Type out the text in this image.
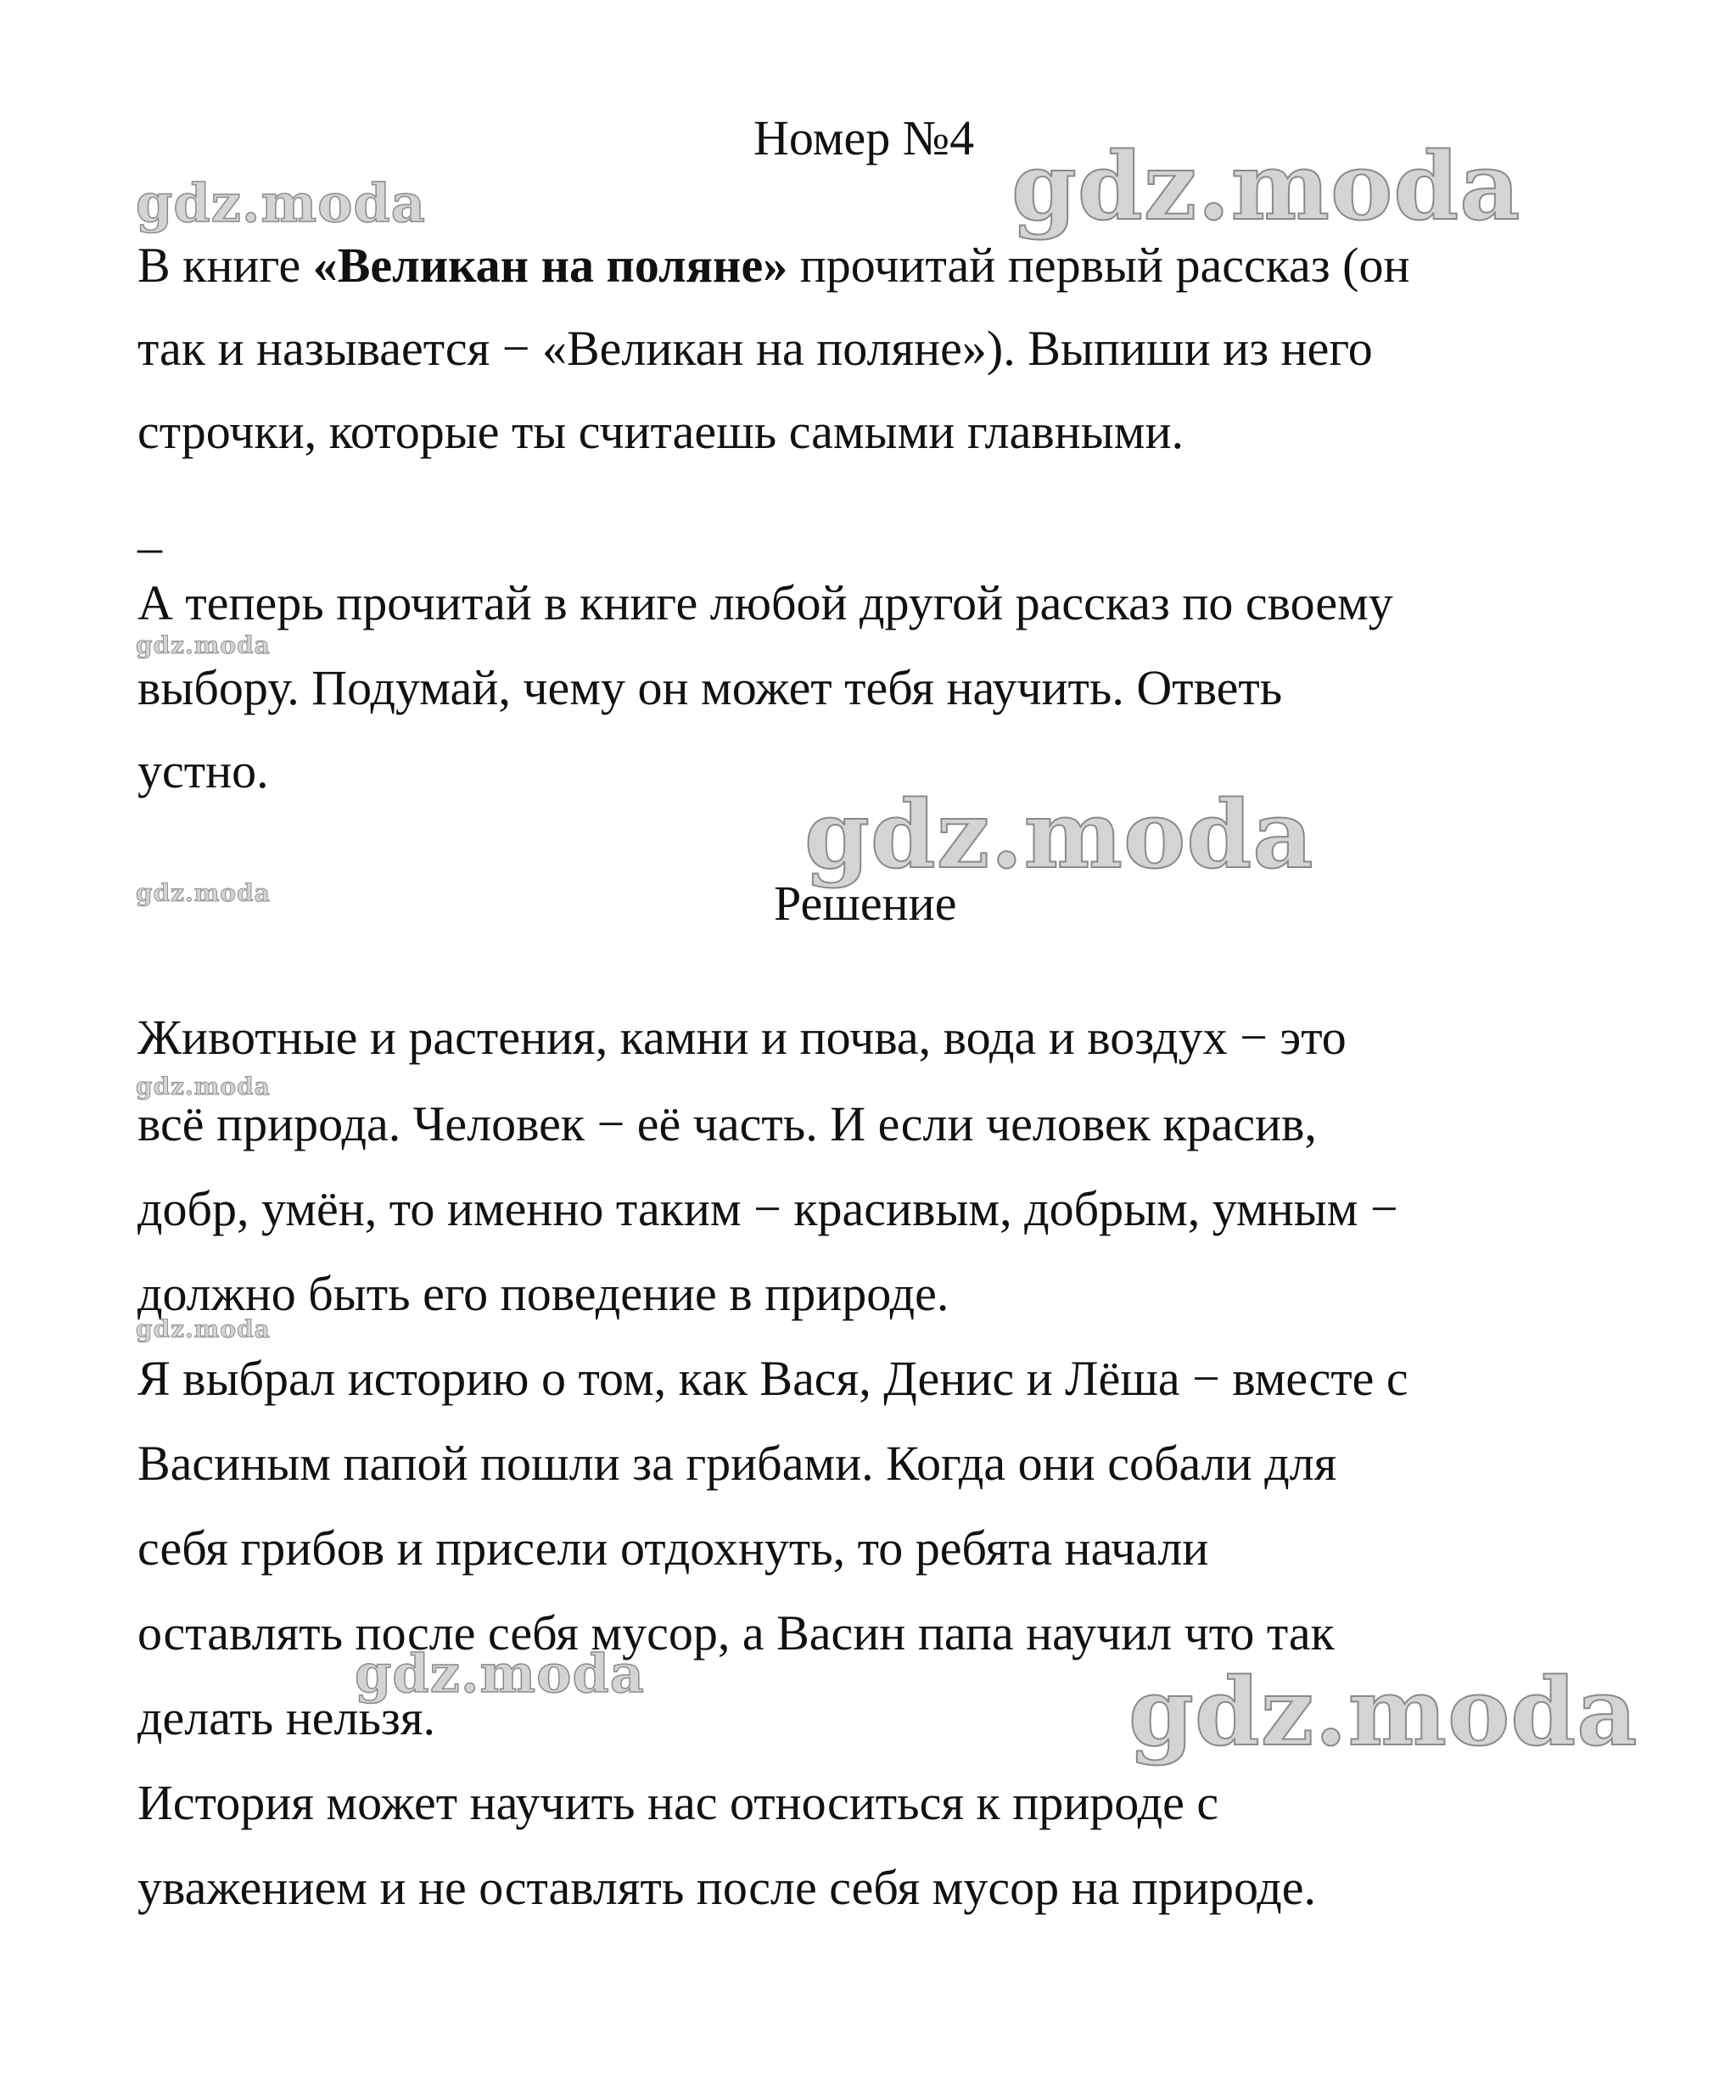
Номер №4
В книге «Великан на поляне» прочитай первый рассказ (он
так и называется − «Великан на поляне»). Выпиши из него
строчки, которые ты считаешь самыми главными.
_
А теперь прочитай в книге любой другой рассказ по своему
выбору. Подумай, чему он может тебя научить. Ответь
устно.
Решение
Животные и растения, камни и почва, вода и воздух − это
всё природа. Человек − её часть. И если человек красив,
добр, умён, то именно таким − красивым, добрым, умным −
должно быть его поведение в природе.
Я выбрал историю о том, как Вася, Денис и Лёша − вместе с
Васиным папой пошли за грибами. Когда они собали для
себя грибов и присели отдохнуть, то ребята начали
оставлять после себя мусор, а Васин папа научил что так
делать нельзя.
История может научить нас относиться к природе с
уважением и не оставлять после себя мусор на природе.
gdz.moda	gdz.moda
gdz.moda
gdz.moda
gdz.moda
gdz.moda
gdz.moda
gdz.moda	gdz.moda
